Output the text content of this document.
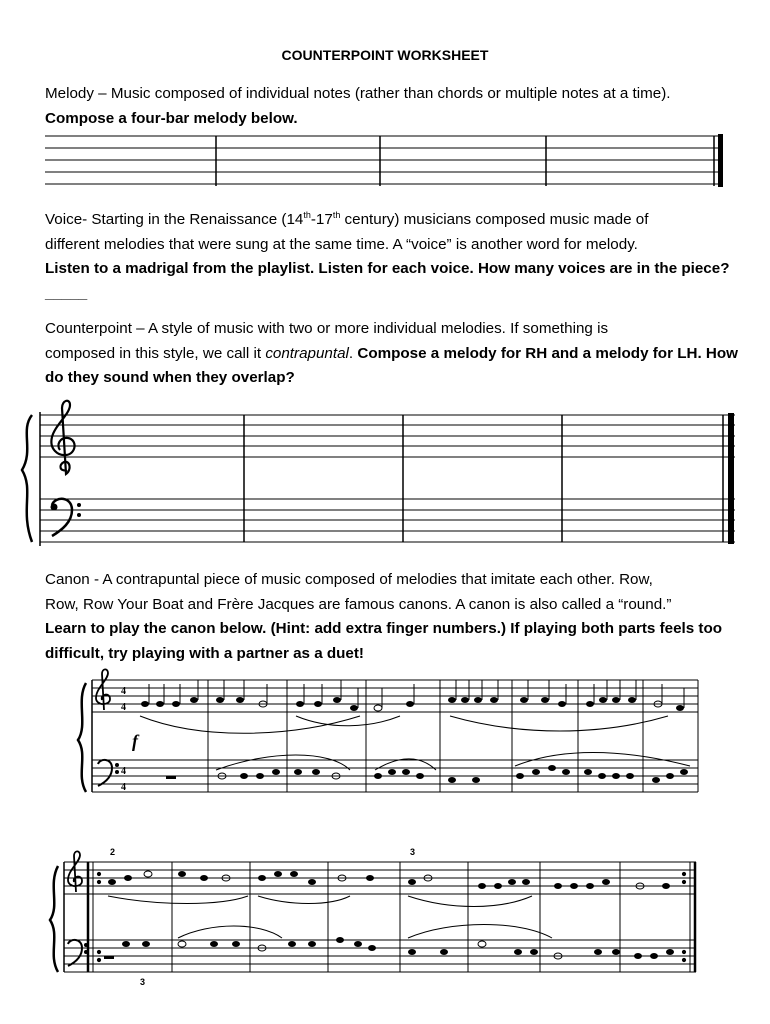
COUNTERPOINT WORKSHEET

Melody – Music composed of individual notes (rather than chords or multiple notes at a time).
Compose a four-bar melody below.

Voice- Starting in the Renaissance (14th-17th century) musicians composed music made of
different melodies that were sung at the same time. A “voice” is another word for melody.
Listen to a madrigal from the playlist. Listen for each voice. How many voices are in the piece?_____

Counterpoint – A style of music with two or more individual melodies. If something is
composed in this style, we call it contrapuntal. Compose a melody for RH and a melody for LH. How do they sound when they overlap?

Canon - A contrapuntal piece of music composed of melodies that imitate each other. Row,
Row, Row Your Boat and Frère Jacques are famous canons. A canon is also called a “round.”
Learn to play the canon below. (Hint: add extra finger numbers.) If playing both parts feels too difficult, try playing with a partner as a duet!

4
4
4
4
f
2	3
3
